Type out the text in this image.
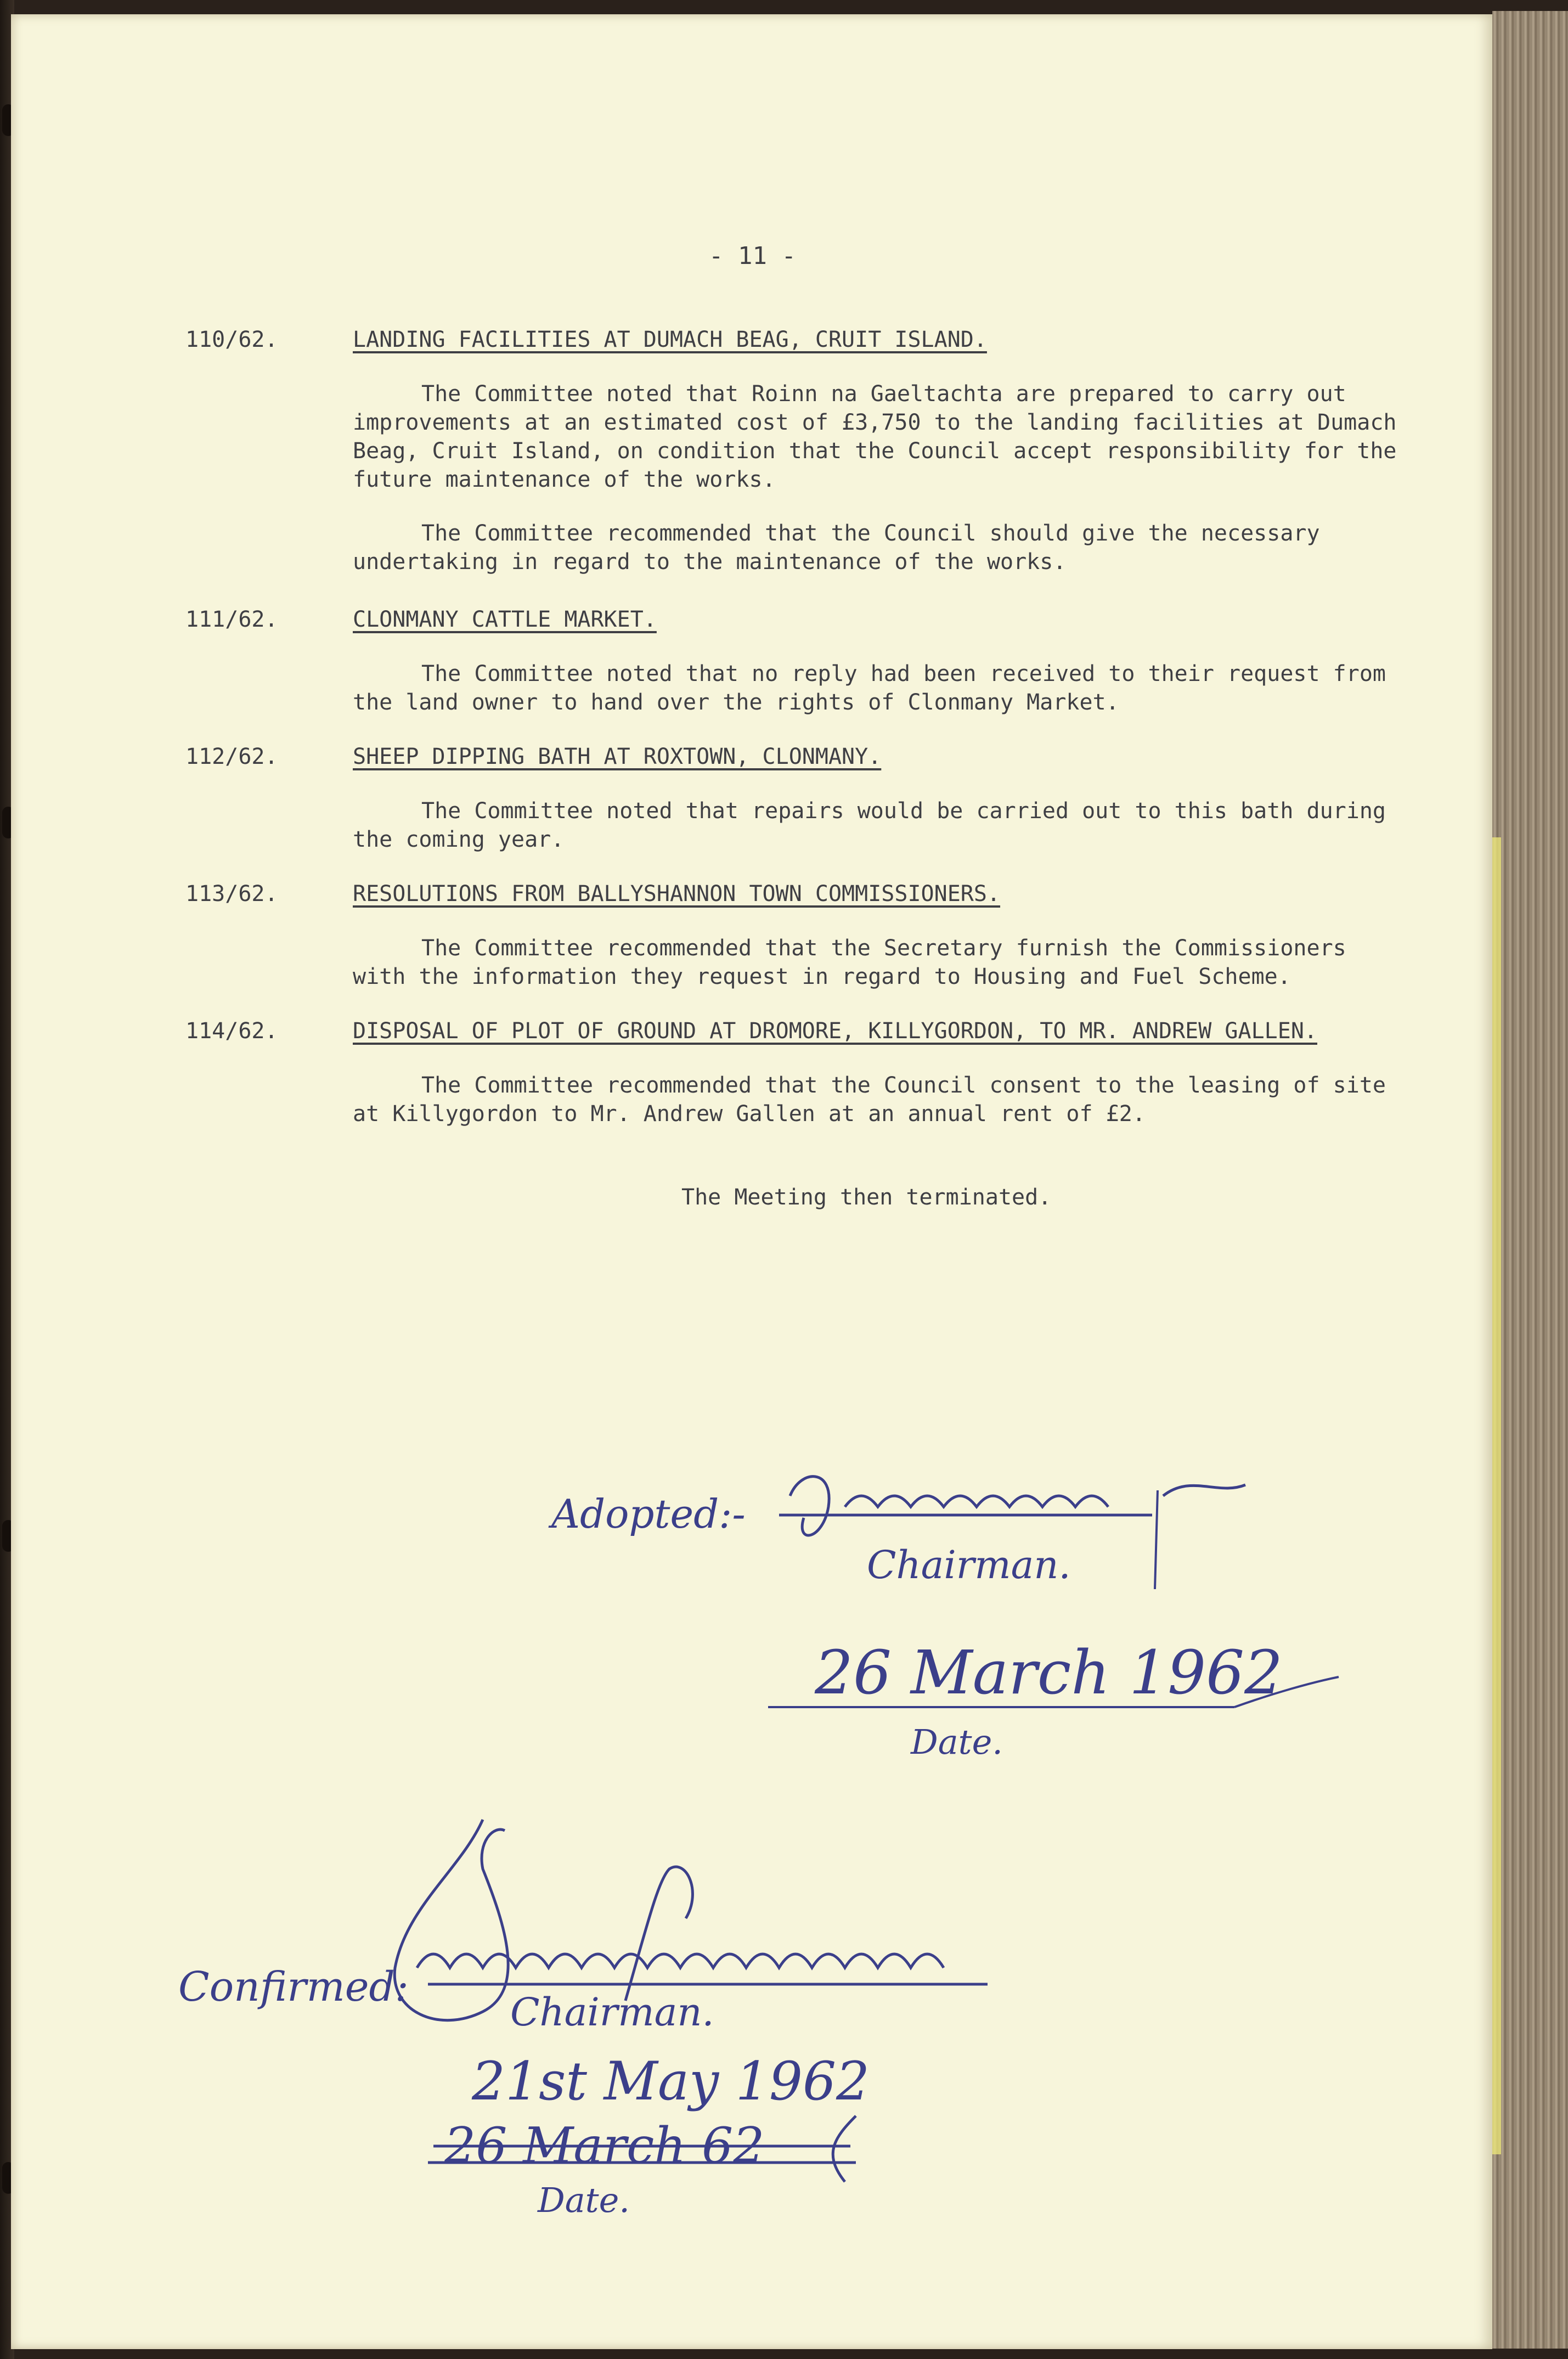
- 11 -
110/62.	LANDING FACILITIES AT DUMACH BEAG, CRUIT ISLAND.

The Committee noted that Roinn na Gaeltachta are prepared to carry out improvements at an estimated cost of £3,750 to the landing facilities at Dumach Beag, Cruit Island, on condition that the Council accept responsibility for the future maintenance of the works.

The Committee recommended that the Council should give the necessary undertaking in regard to the maintenance of the works.

111/62.	CLONMANY CATTLE MARKET.

The Committee noted that no reply had been received to their request from the land owner to hand over the rights of Clonmany Market.

112/62.	SHEEP DIPPING BATH AT ROXTOWN, CLONMANY.

The Committee noted that repairs would be carried out to this bath during the coming year.

113/62.	RESOLUTIONS FROM BALLYSHANNON TOWN COMMISSIONERS.

The Committee recommended that the Secretary furnish the Commissioners with the information they request in regard to Housing and Fuel Scheme.

114/62.	DISPOSAL OF PLOT OF GROUND AT DROMORE, KILLYGORDON, TO MR. ANDREW GALLEN.

The Committee recommended that the Council consent to the leasing of site at Killygordon to Mr. Andrew Gallen at an annual rent of £2.

The Meeting then terminated.
Adopted:-
Chairman.
26 March 1962
Date.
Confirmed:
Chairman.
21st May 1962
26 March 62
Date.
